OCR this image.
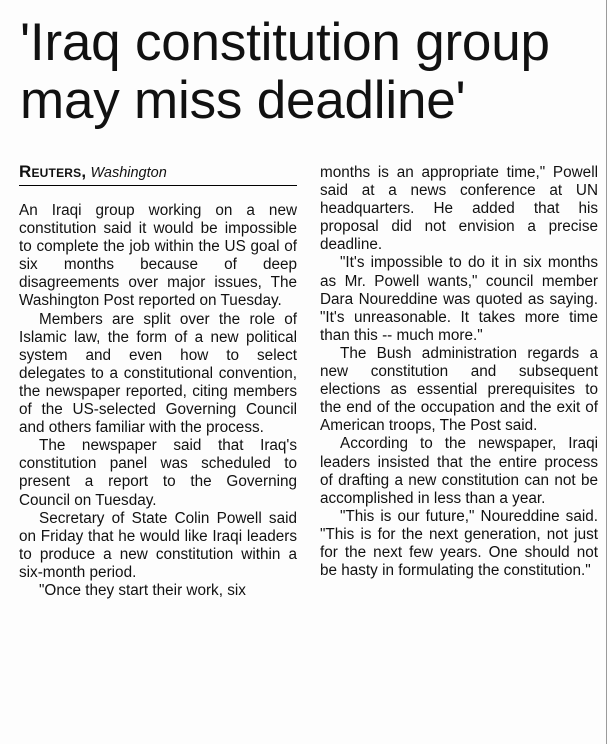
'Iraq constitution group may miss deadline'
Reuters, Washington

An Iraqi group working on a new constitution said it would be impossible to complete the job within the US goal of six months because of deep disagreements over major issues, The Washington Post reported on Tuesday.

Members are split over the role of Islamic law, the form of a new political system and even how to select delegates to a constitutional convention, the newspaper reported, citing members of the US-selected Governing Council and others familiar with the process.

The newspaper said that Iraq's constitution panel was scheduled to present a report to the Governing Council on Tuesday.

Secretary of State Colin Powell said on Friday that he would like Iraqi leaders to produce a new constitution within a six-month period.

"Once they start their work, six

months is an appropriate time," Powell said at a news conference at UN headquarters. He added that his proposal did not envision a precise deadline.

"It's impossible to do it in six months as Mr. Powell wants," council member Dara Noureddine was quoted as saying. "It's unreasonable. It takes more time than this -- much more."

The Bush administration regards a new constitution and subsequent elections as essential prerequisites to the end of the occupation and the exit of American troops, The Post said.

According to the newspaper, Iraqi leaders insisted that the entire process of drafting a new constitution can not be accomplished in less than a year.

"This is our future," Noureddine said. "This is for the next generation, not just for the next few years. One should not be hasty in formulating the constitution."
